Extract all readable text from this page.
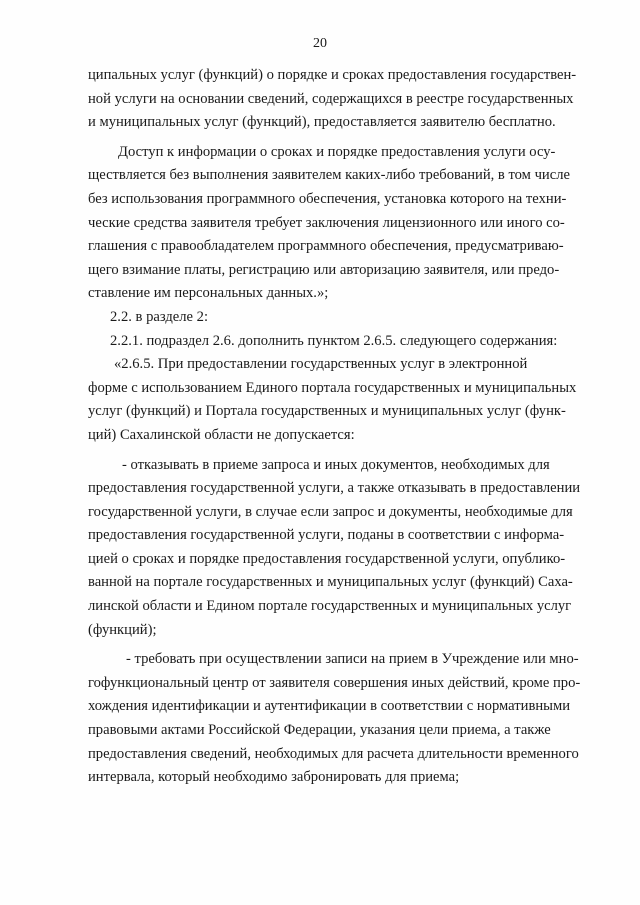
20
ципальных услуг (функций) о порядке и сроках предоставления государствен-
ной услуги на основании сведений, содержащихся в реестре государственных
и муниципальных услуг (функций), предоставляется заявителю бесплатно.
Доступ к информации о сроках и порядке предоставления услуги осу-
ществляется без выполнения заявителем каких-либо требований, в том числе
без использования программного обеспечения, установка которого на техни-
ческие средства заявителя требует заключения лицензионного или иного со-
глашения с правообладателем программного обеспечения, предусматриваю-
щего взимание платы, регистрацию или авторизацию заявителя, или предо-
ставление им персональных данных.»;
2.2. в разделе 2:
2.2.1. подраздел 2.6. дополнить пунктом 2.6.5. следующего содержания:
«2.6.5. При предоставлении государственных услуг в электронной
форме с использованием Единого портала государственных и муниципальных
услуг (функций) и Портала государственных и муниципальных услуг (функ-
ций) Сахалинской области не допускается:
- отказывать в приеме запроса и иных документов, необходимых для
предоставления государственной услуги, а также отказывать в предоставлении
государственной услуги, в случае если запрос и документы, необходимые для
предоставления государственной услуги, поданы в соответствии с информа-
цией о сроках и порядке предоставления государственной услуги, опублико-
ванной на портале государственных и муниципальных услуг (функций) Саха-
линской области и Едином портале государственных и муниципальных услуг
(функций);
- требовать при осуществлении записи на прием в Учреждение или мно-
гофункциональный центр от заявителя совершения иных действий, кроме про-
хождения идентификации и аутентификации в соответствии с нормативными
правовыми актами Российской Федерации, указания цели приема, а также
предоставления сведений, необходимых для расчета длительности временного
интервала, который необходимо забронировать для приема;
